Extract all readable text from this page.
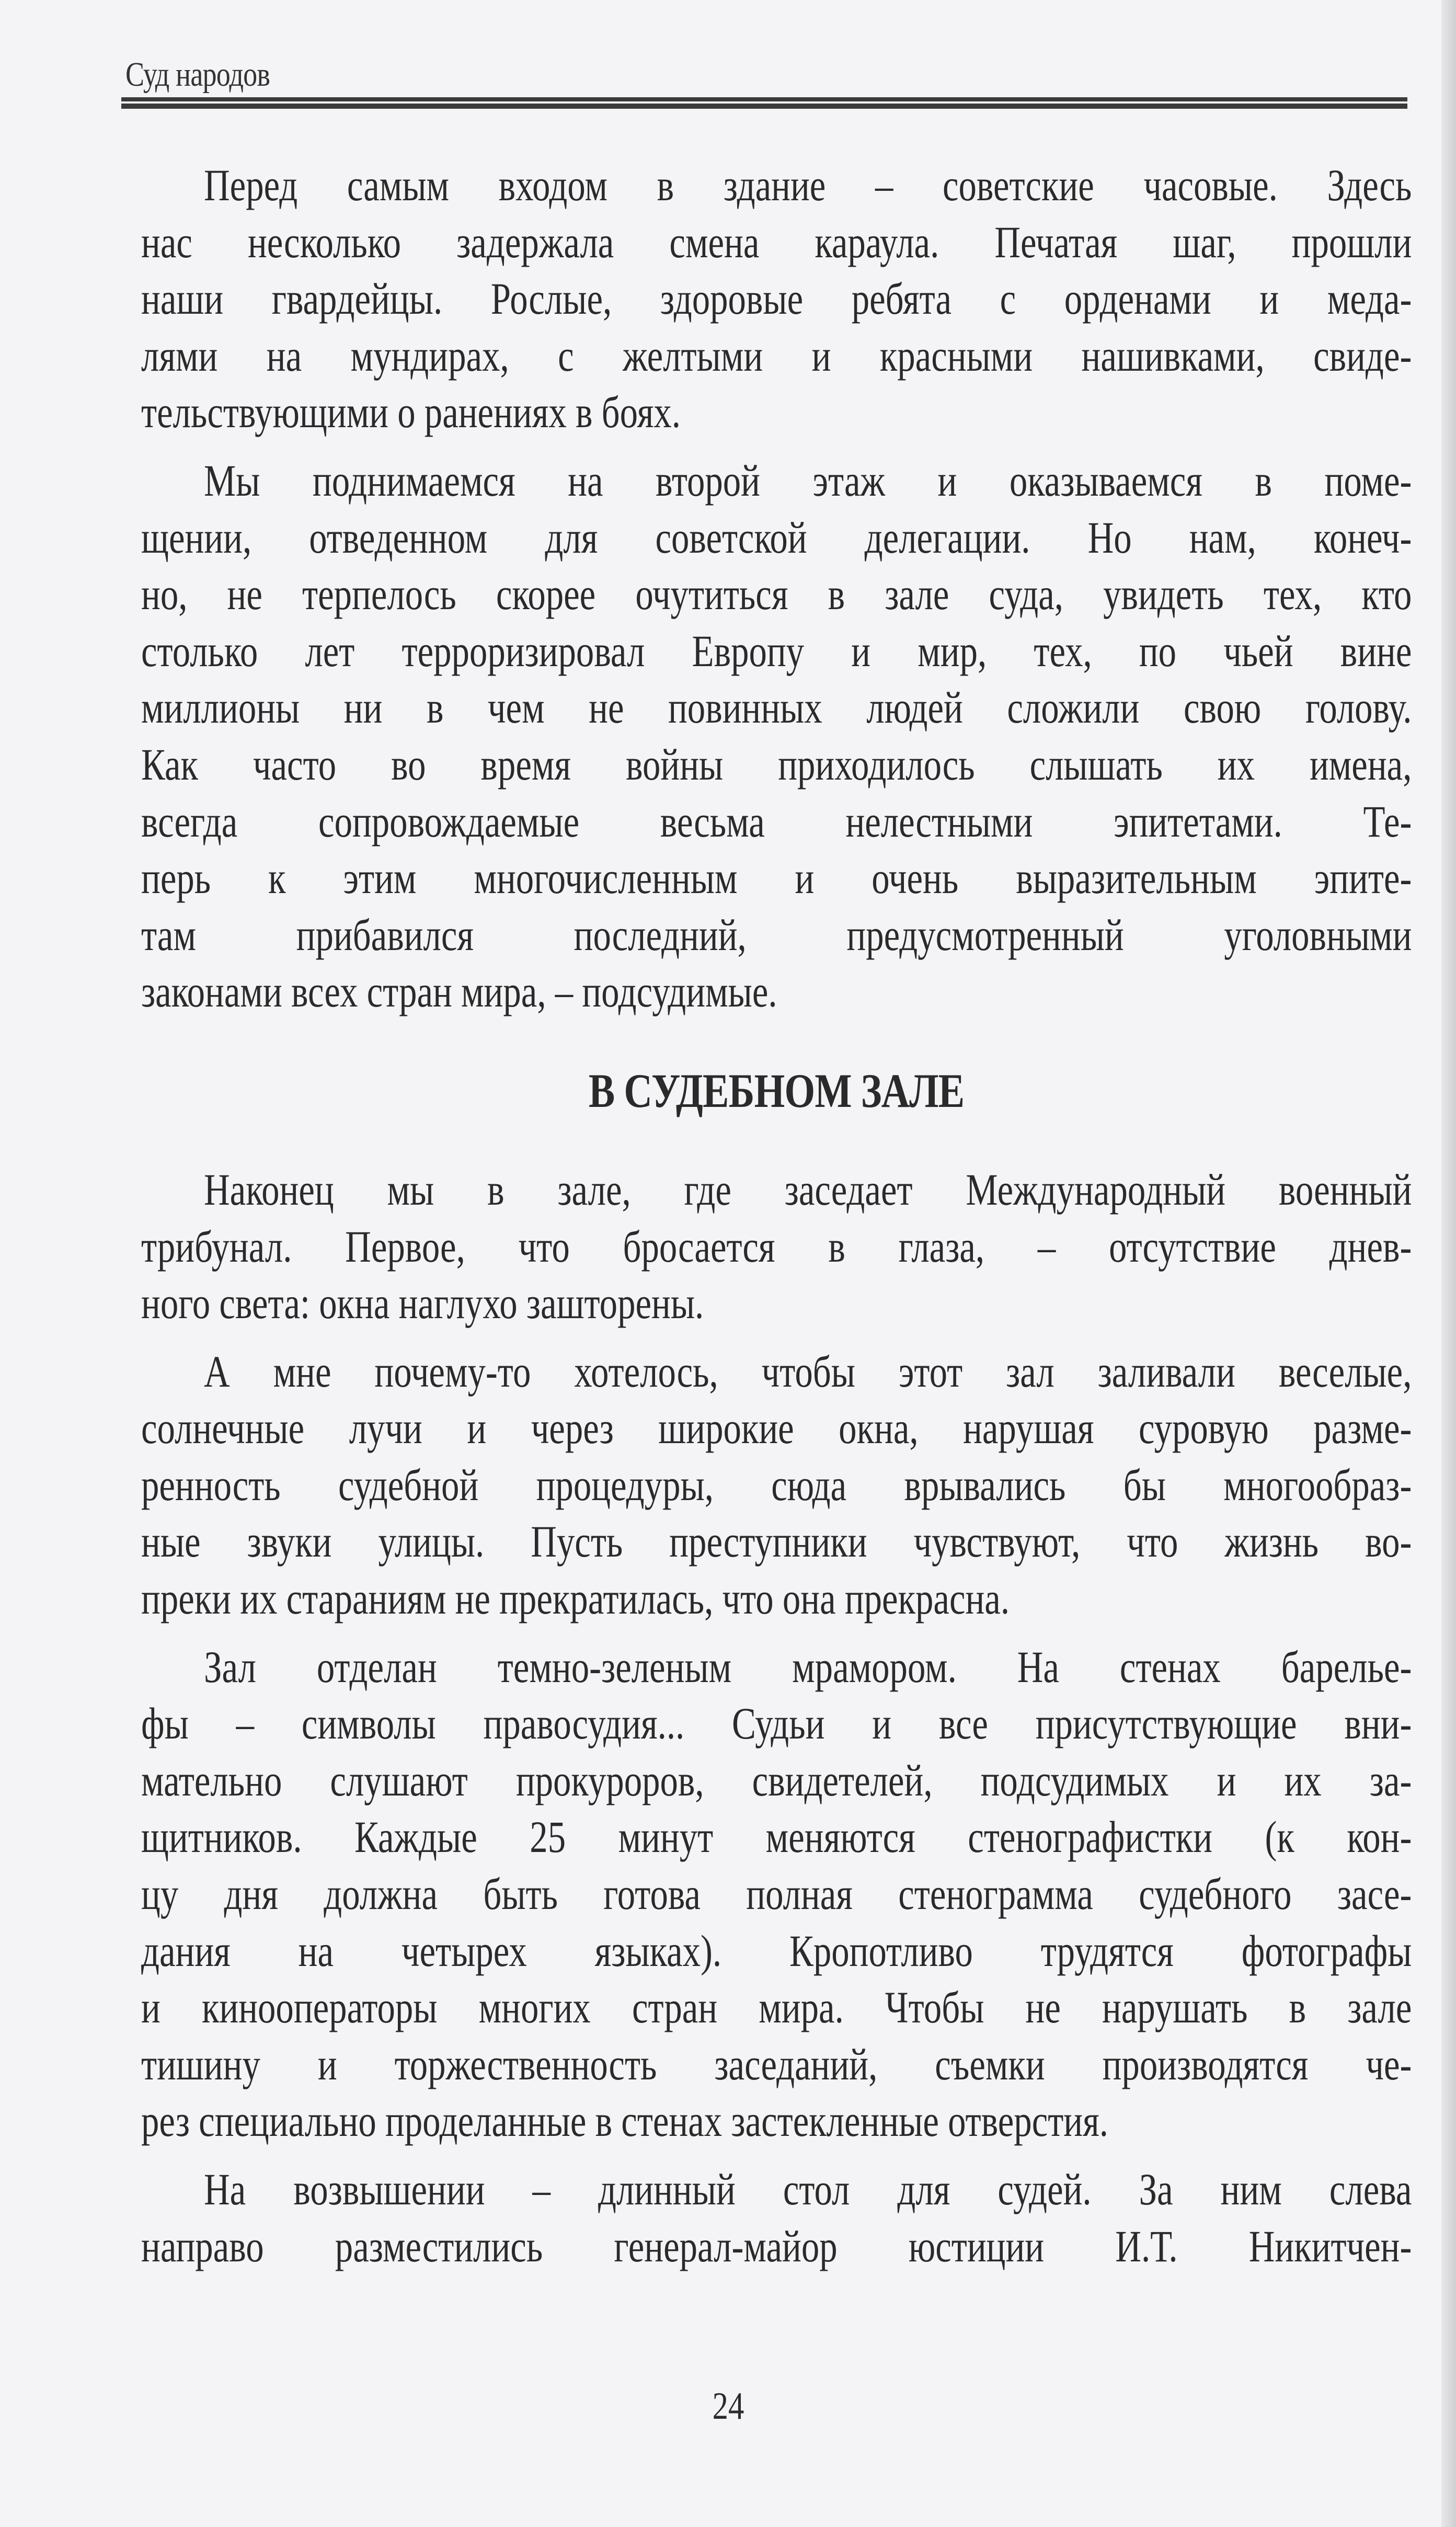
Суд народов
Перед самым входом в здание – советские часовые. Здесь
нас несколько задержала смена караула. Печатая шаг, прошли
наши гвардейцы. Рослые, здоровые ребята с орденами и меда-
лями на мундирах, с желтыми и красными нашивками, свиде-
тельствующими о ранениях в боях.
Мы поднимаемся на второй этаж и оказываемся в поме-
щении, отведенном для советской делегации. Но нам, конеч-
но, не терпелось скорее очутиться в зале суда, увидеть тех, кто
столько лет терроризировал Европу и мир, тех, по чьей вине
миллионы ни в чем не повинных людей сложили свою голову.
Как часто во время войны приходилось слышать их имена,
всегда сопровождаемые весьма нелестными эпитетами. Те-
перь к этим многочисленным и очень выразительным эпите-
там прибавился последний, предусмотренный уголовными
законами всех стран мира, – подсудимые.
В СУДЕБНОМ ЗАЛЕ
Наконец мы в зале, где заседает Международный военный
трибунал. Первое, что бросается в глаза, – отсутствие днев-
ного света: окна наглухо зашторены.
А мне почему-то хотелось, чтобы этот зал заливали веселые,
солнечные лучи и через широкие окна, нарушая суровую разме-
ренность судебной процедуры, сюда врывались бы многообраз-
ные звуки улицы. Пусть преступники чувствуют, что жизнь во-
преки их стараниям не прекратилась, что она прекрасна.
Зал отделан темно-зеленым мрамором. На стенах барелье-
фы – символы правосудия... Судьи и все присутствующие вни-
мательно слушают прокуроров, свидетелей, подсудимых и их за-
щитников. Каждые 25 минут меняются стенографистки (к кон-
цу дня должна быть готова полная стенограмма судебного засе-
дания на четырех языках). Кропотливо трудятся фотографы
и кинооператоры многих стран мира. Чтобы не нарушать в зале
тишину и торжественность заседаний, съемки производятся че-
рез специально проделанные в стенах застекленные отверстия.
На возвышении – длинный стол для судей. За ним слева
направо разместились генерал-майор юстиции И.Т. Никитчен-
24
